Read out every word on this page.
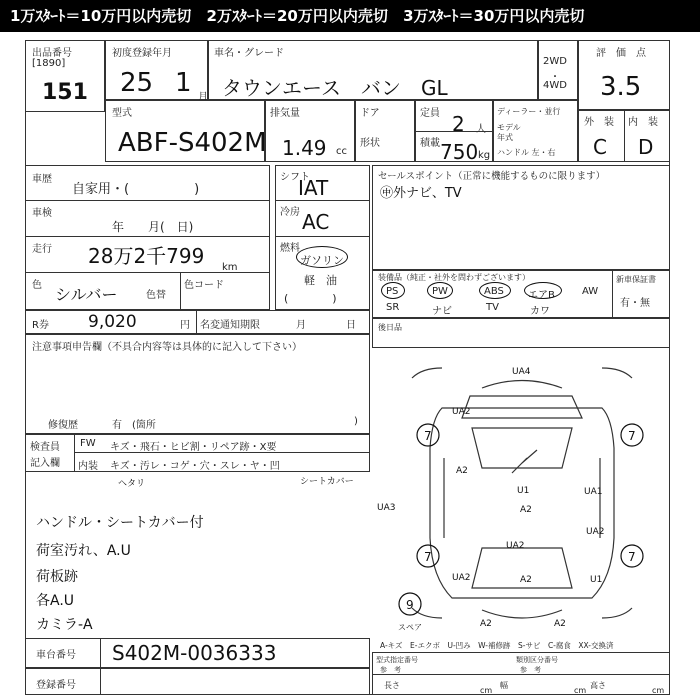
1万ｽﾀｰﾄ＝10万円以内売切 2万ｽﾀｰﾄ＝20万円以内売切 3万ｽﾀｰﾄ＝30万円以内売切
出品番号
[1890]
151
初度登録年月
25 1 月
車名・グレード
タウンエース　バン　GL
2WD
・
4WD
評　価　点
3.5
型式
ABF-S402M
排気量
1.49 cc
ドア
形状
定員 2 人
積載 750 kg
ディーラー・並行
モデル
年式
ハンドル 左・右
外　装 内　装
C D
車歴
自家用・(　　　　　)
車検
年　　月(　日)
走行 28万2千799 km
色 シルバー	色替
色コード
シフト
IAT
冷房 AC
燃料
ガソリン
軽　油
(　　　　)
R券 9,020	円 名変通知期限	月	日
セールスポイント（正常に機能するものに限ります）
㊥外ナビ、TV
装備品（純正・社外を問わずございます）
PS	PW	ABS エアB	AW
SR	ナビ	TV	カワ
新車保証書
有・無
後日品
注意事項申告欄（不具合内容等は具体的に記入して下さい）
修復歴	有　(箇所	)
検査員
記入欄
FW キズ・飛石・ヒビ割・リペア跡・X要
内装 キズ・汚レ・コゲ・穴・スレ・ヤ・凹
ヘタリ	シートカバー
ハンドル・シートカバー付
荷室汚れ、A.U
荷板跡
各A.U
カミラ-A
UA4
UA2
A2
U1	UA1
UA3
UA2
A2
UA2	A2	U1
A2	A2
UA2
7	7
7	7
9
スペア
A-キズ　E-エクボ　U-凹み　W-補修跡　S-サビ　C-腐食　XX-交換済
車台番号 S402M-0036333
登録番号
型式指定番号	類別区分番号
参　考	参　考
長さ
cm
幅
cm
高さ
cm
